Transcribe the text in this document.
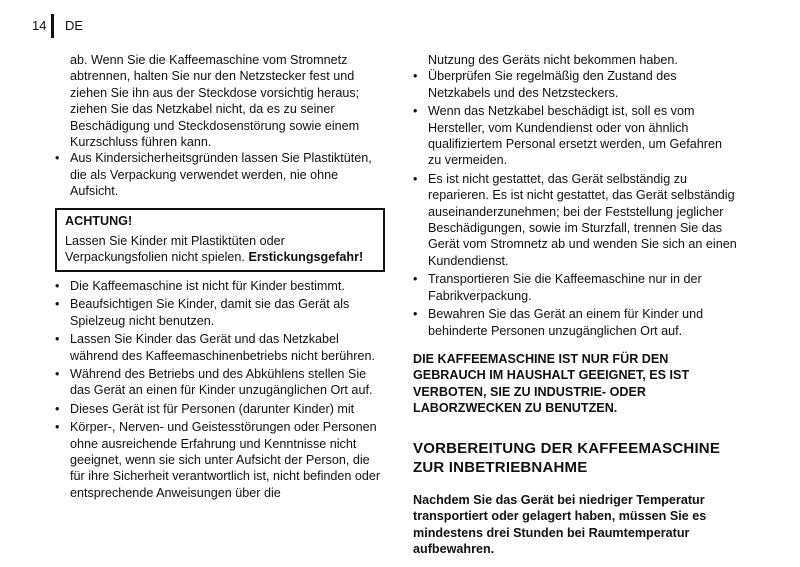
14 DE

ab. Wenn Sie die Kaffeemaschine vom Stromnetz abtrennen, halten Sie nur den Netzstecker fest und ziehen Sie ihn aus der Steckdose vorsichtig heraus; ziehen Sie das Netzkabel nicht, da es zu seiner Beschädigung und Steckdosenstörung sowie einem Kurzschluss führen kann.

• Aus Kindersicherheitsgründen lassen Sie Plastiktüten, die als Verpackung verwendet werden, nie ohne Aufsicht.
ACHTUNG!
Lassen Sie Kinder mit Plastiktüten oder Verpackungsfolien nicht spielen. Erstickungsgefahr!
• Die Kaffeemaschine ist nicht für Kinder bestimmt.
• Beaufsichtigen Sie Kinder, damit sie das Gerät als Spielzeug nicht benutzen.
• Lassen Sie Kinder das Gerät und das Netzkabel während des Kaffeemaschinenbetriebs nicht berühren.
• Während des Betriebs und des Abkühlens stellen Sie das Gerät an einen für Kinder unzugänglichen Ort auf.
• Dieses Gerät ist für Personen (darunter Kinder) mit
• Körper-, Nerven- und Geistesstörungen oder Personen ohne ausreichende Erfahrung und Kenntnisse nicht geeignet, wenn sie sich unter Aufsicht der Person, die für ihre Sicherheit verantwortlich ist, nicht befinden oder entsprechende Anweisungen über die

Nutzung des Geräts nicht bekommen haben.

• Überprüfen Sie regelmäßig den Zustand des Netzkabels und des Netzsteckers.
• Wenn das Netzkabel beschädigt ist, soll es vom Hersteller, vom Kundendienst oder von ähnlich qualifiziertem Personal ersetzt werden, um Gefahren zu vermeiden.
• Es ist nicht gestattet, das Gerät selbständig zu reparieren. Es ist nicht gestattet, das Gerät selbständig auseinanderzunehmen; bei der Feststellung jeglicher Beschädigungen, sowie im Sturzfall, trennen Sie das Gerät vom Stromnetz ab und wenden Sie sich an einen Kundendienst.
• Transportieren Sie die Kaffeemaschine nur in der Fabrikverpackung.
• Bewahren Sie das Gerät an einem für Kinder und behinderte Personen unzugänglichen Ort auf.
DIE KAFFEEMASCHINE IST NUR FÜR DEN GEBRAUCH IM HAUSHALT GEEIGNET, ES IST VERBOTEN, SIE ZU INDUSTRIE- ODER LABORZWECKEN ZU BENUTZEN.
VORBEREITUNG DER KAFFEEMASCHINE ZUR INBETRIEBNAHME
Nachdem Sie das Gerät bei niedriger Temperatur transportiert oder gelagert haben, müssen Sie es mindestens drei Stunden bei Raumtemperatur aufbewahren.
